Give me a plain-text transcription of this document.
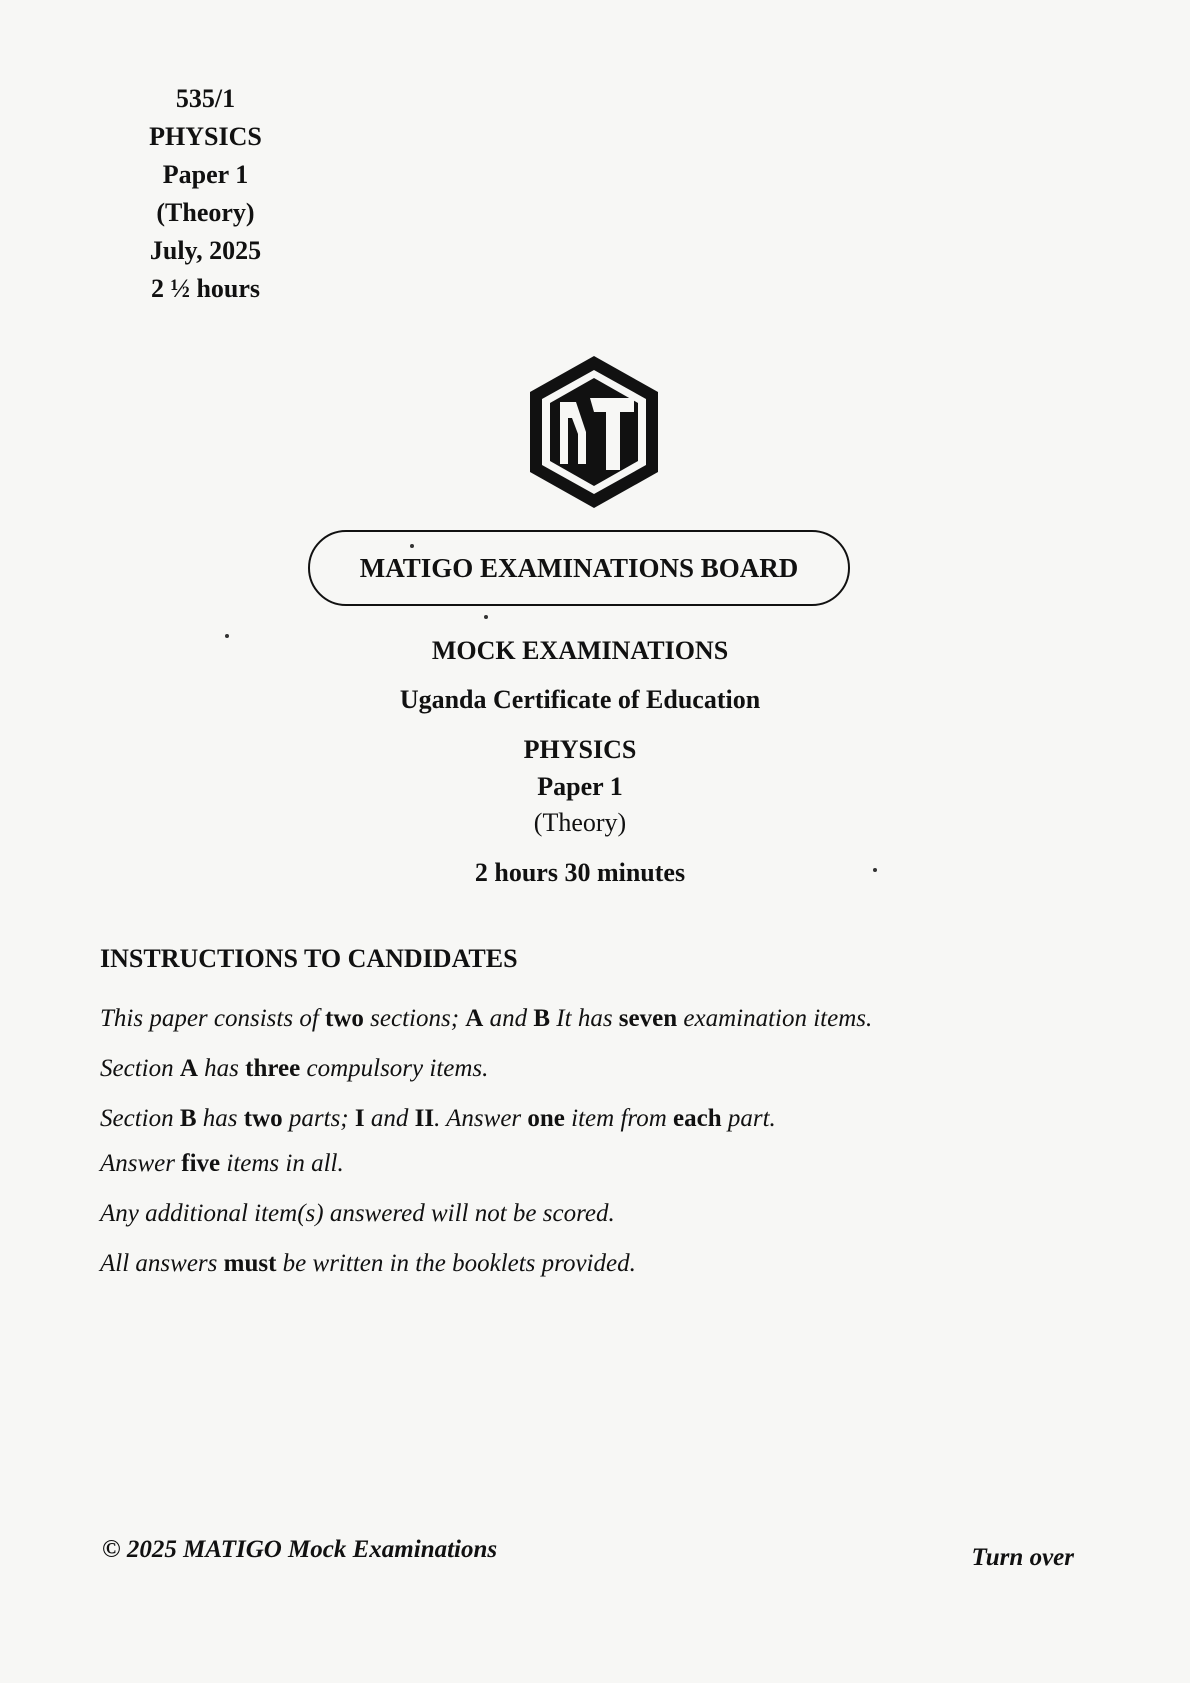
535/1
PHYSICS
Paper 1
(Theory)
July, 2025
2 ½ hours
MT
MATIGO EXAMINATIONS BOARD
MOCK EXAMINATIONS
Uganda Certificate of Education
PHYSICS
Paper 1
(Theory)
2 hours 30 minutes
INSTRUCTIONS TO CANDIDATES
This paper consists of two sections; A and B It has seven examination items.
Section A has three compulsory items.
Section B has two parts; I and II. Answer one item from each part.
Answer five items in all.
Any additional item(s) answered will not be scored.
All answers must be written in the booklets provided.
© 2025 MATIGO Mock Examinations	Turn over
